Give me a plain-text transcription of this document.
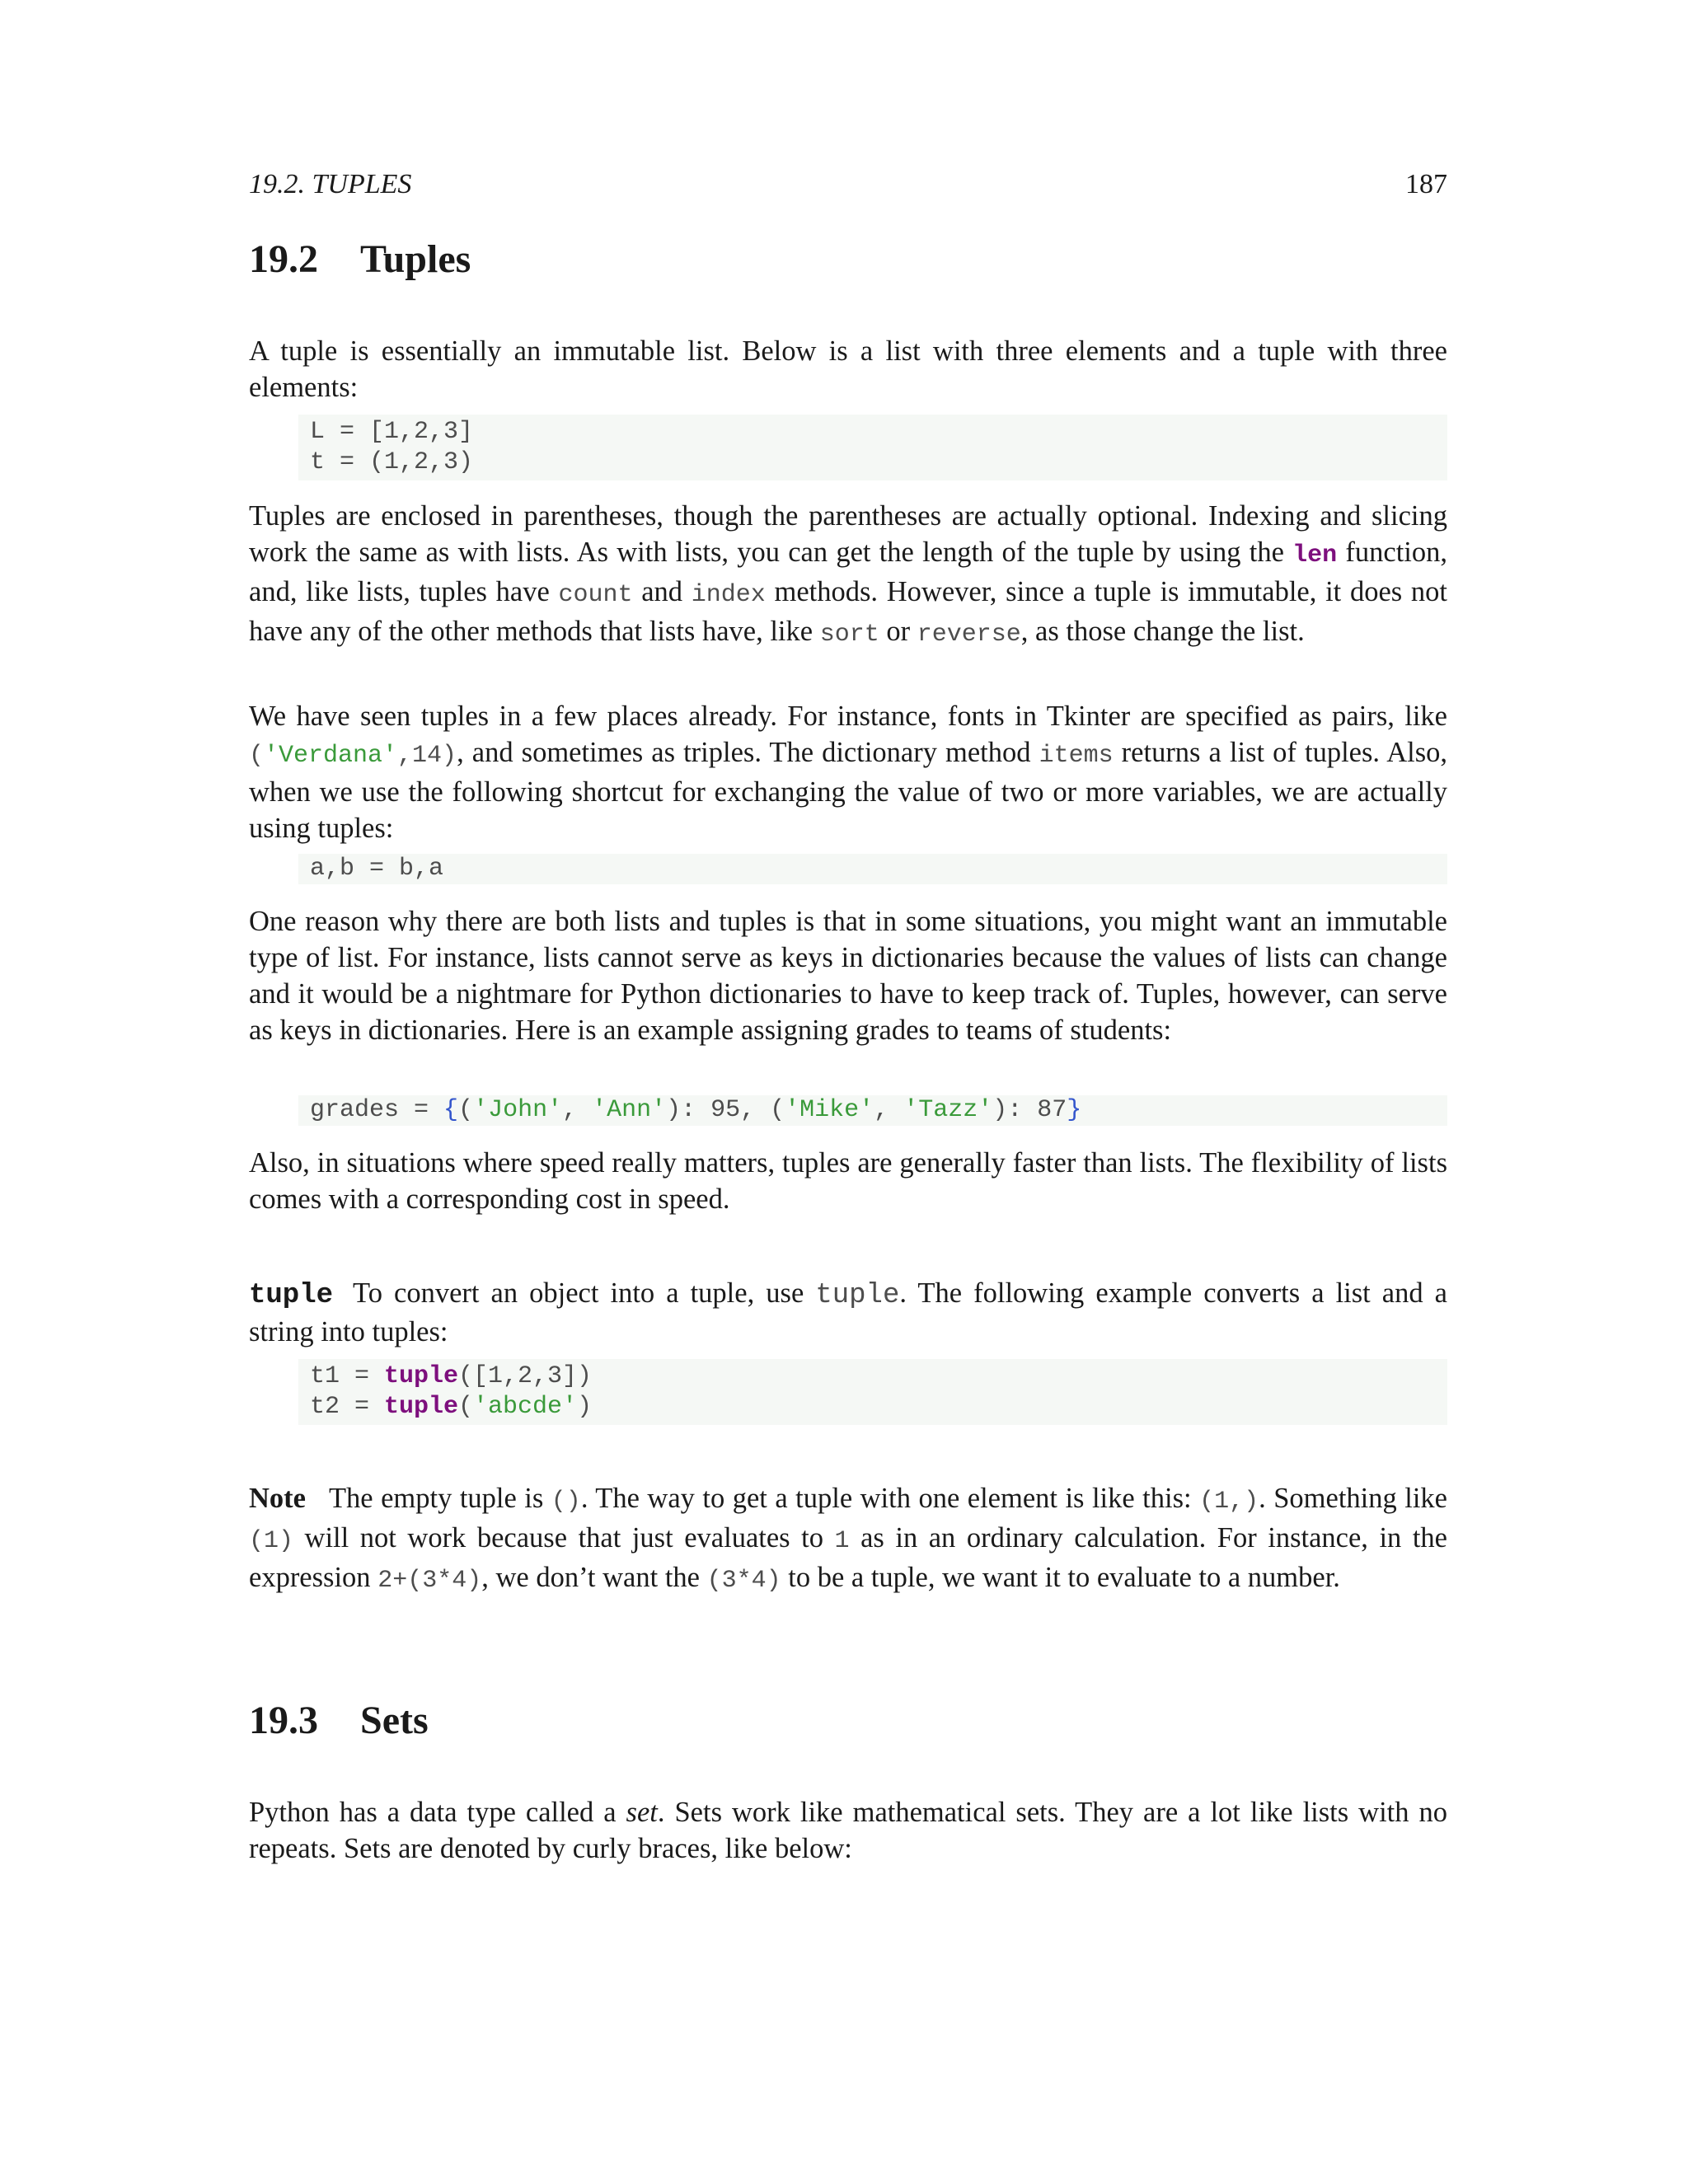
19.2. TUPLES	187
19.2 Tuples

A tuple is essentially an immutable list. Below is a list with three elements and a tuple with three elements:

L = [1,2,3]
t = (1,2,3)

Tuples are enclosed in parentheses, though the parentheses are actually optional. Indexing and slicing work the same as with lists. As with lists, you can get the length of the tuple by using the len function, and, like lists, tuples have count and index methods. However, since a tuple is immutable, it does not have any of the other methods that lists have, like sort or reverse, as those change the list.

We have seen tuples in a few places already. For instance, fonts in Tkinter are specified as pairs, like ('Verdana',14), and sometimes as triples. The dictionary method items returns a list of tuples. Also, when we use the following shortcut for exchanging the value of two or more variables, we are actually using tuples:

a,b = b,a

One reason why there are both lists and tuples is that in some situations, you might want an immutable type of list. For instance, lists cannot serve as keys in dictionaries because the values of lists can change and it would be a nightmare for Python dictionaries to have to keep track of. Tuples, however, can serve as keys in dictionaries. Here is an example assigning grades to teams of students:

grades = {('John', 'Ann'): 95, ('Mike', 'Tazz'): 87}

Also, in situations where speed really matters, tuples are generally faster than lists. The flexibility of lists comes with a corresponding cost in speed.

tuple To convert an object into a tuple, use tuple. The following example converts a list and a string into tuples:

t1 = tuple([1,2,3])
t2 = tuple('abcde')

Note The empty tuple is (). The way to get a tuple with one element is like this: (1,). Something like (1) will not work because that just evaluates to 1 as in an ordinary calculation. For instance, in the expression 2+(3*4), we don’t want the (3*4) to be a tuple, we want it to evaluate to a number.

19.3 Sets

Python has a data type called a set. Sets work like mathematical sets. They are a lot like lists with no repeats. Sets are denoted by curly braces, like below:
